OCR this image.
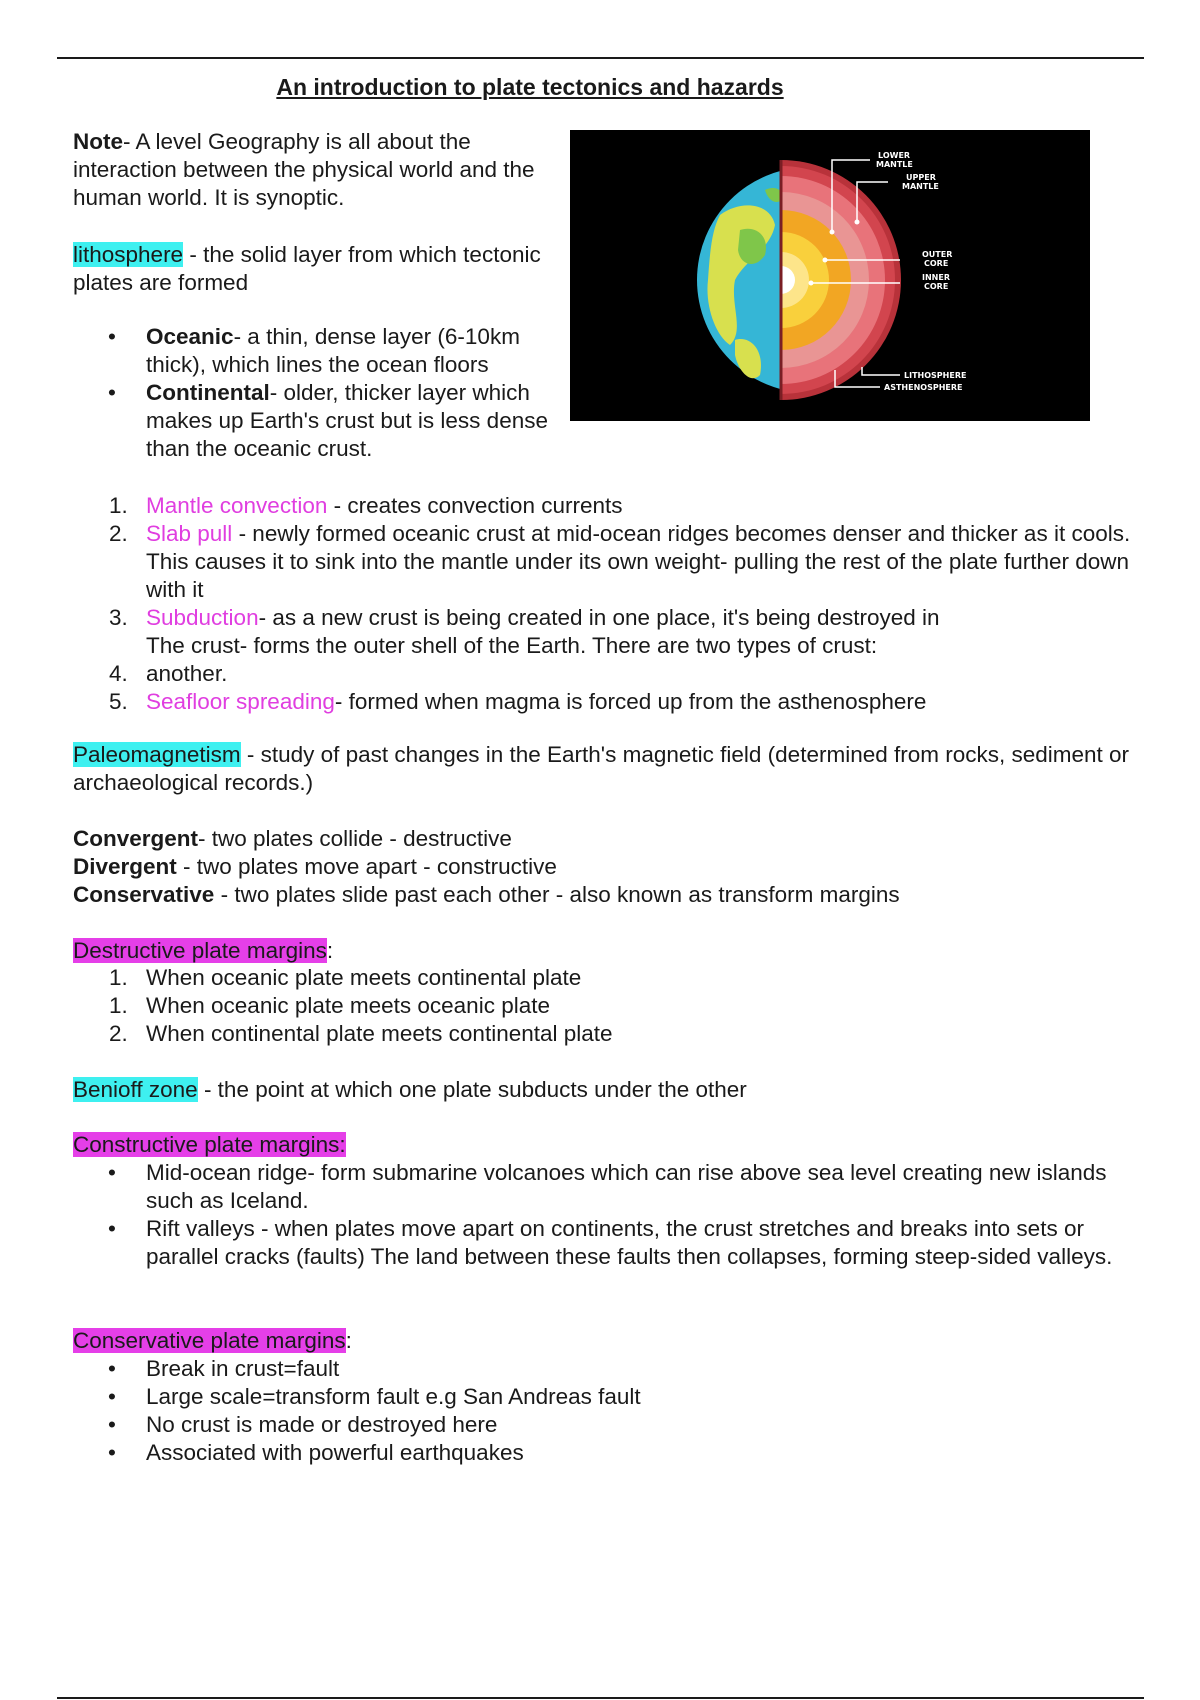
An introduction to plate tectonics and hazards

Note- A level Geography is all about the interaction between the physical world and the human world. It is synoptic.

lithosphere - the solid layer from which tectonic plates are formed

• Oceanic- a thin, dense layer (6-10km thick), which lines the ocean floors
• Continental- older, thicker layer which makes up Earth's crust but is less dense than the oceanic crust.
LOWER
MANTLE
UPPER
MANTLE
OUTER
CORE
INNER
CORE
LITHOSPHERE
ASTHENOSPHERE
1. Mantle convection - creates convection currents
2. Slab pull - newly formed oceanic crust at mid-ocean ridges becomes denser and thicker as it cools. This causes it to sink into the mantle under its own weight- pulling the rest of the plate further down with it
3. Subduction- as a new crust is being created in one place, it's being destroyed in
The crust- forms the outer shell of the Earth. There are two types of crust:
4. another.
5. Seafloor spreading- formed when magma is forced up from the asthenosphere

Paleomagnetism - study of past changes in the Earth's magnetic field (determined from rocks, sediment or archaeological records.)

Convergent- two plates collide - destructive
Divergent - two plates move apart - constructive
Conservative - two plates slide past each other - also known as transform margins
Destructive plate margins:
1. When oceanic plate meets continental plate
1. When oceanic plate meets oceanic plate
2. When continental plate meets continental plate

Benioff zone - the point at which one plate subducts under the other

Constructive plate margins:
• Mid-ocean ridge- form submarine volcanoes which can rise above sea level creating new islands such as Iceland.
• Rift valleys - when plates move apart on continents, the crust stretches and breaks into sets or parallel cracks (faults) The land between these faults then collapses, forming steep-sided valleys.
Conservative plate margins:
• Break in crust=fault
• Large scale=transform fault e.g San Andreas fault
• No crust is made or destroyed here
• Associated with powerful earthquakes
